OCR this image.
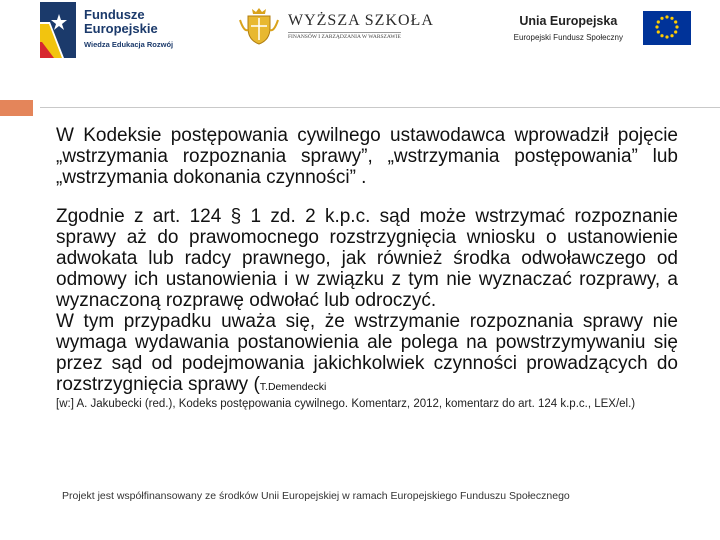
Fundusze
Europejskie
Wiedza Edukacja Rozwój
WYŻSZA SZKOŁA
FINANSÓW I ZARZĄDZANIA W WARSZAWIE
Unia Europejska
Europejski Fundusz Społeczny

W Kodeksie postępowania cywilnego ustawodawca wprowadził pojęcie „wstrzymania rozpoznania sprawy”, „wstrzymania postępowania” lub „wstrzymania dokonania czynności” .

Zgodnie z art. 124 § 1 zd. 2 k.p.c. sąd może wstrzymać rozpoznanie sprawy aż do prawomocnego rozstrzygnięcia wniosku o ustanowienie adwokata lub radcy prawnego, jak również środka odwoławczego od odmowy ich ustanowienia i w związku z tym nie wyznaczać rozprawy, a wyznaczoną rozprawę odwołać lub odroczyć.

W tym przypadku uważa się, że wstrzymanie rozpoznania sprawy nie wymaga wydawania postanowienia ale polega na powstrzymywaniu się przez sąd od podejmowania jakichkolwiek czynności prowadzących do rozstrzygnięcia sprawy (T.Demendecki

[w:] A. Jakubecki (red.), Kodeks postępowania cywilnego. Komentarz, 2012, komentarz do art. 124 k.p.c., LEX/el.)

Projekt jest współfinansowany ze środków Unii Europejskiej w ramach Europejskiego Funduszu Społecznego
